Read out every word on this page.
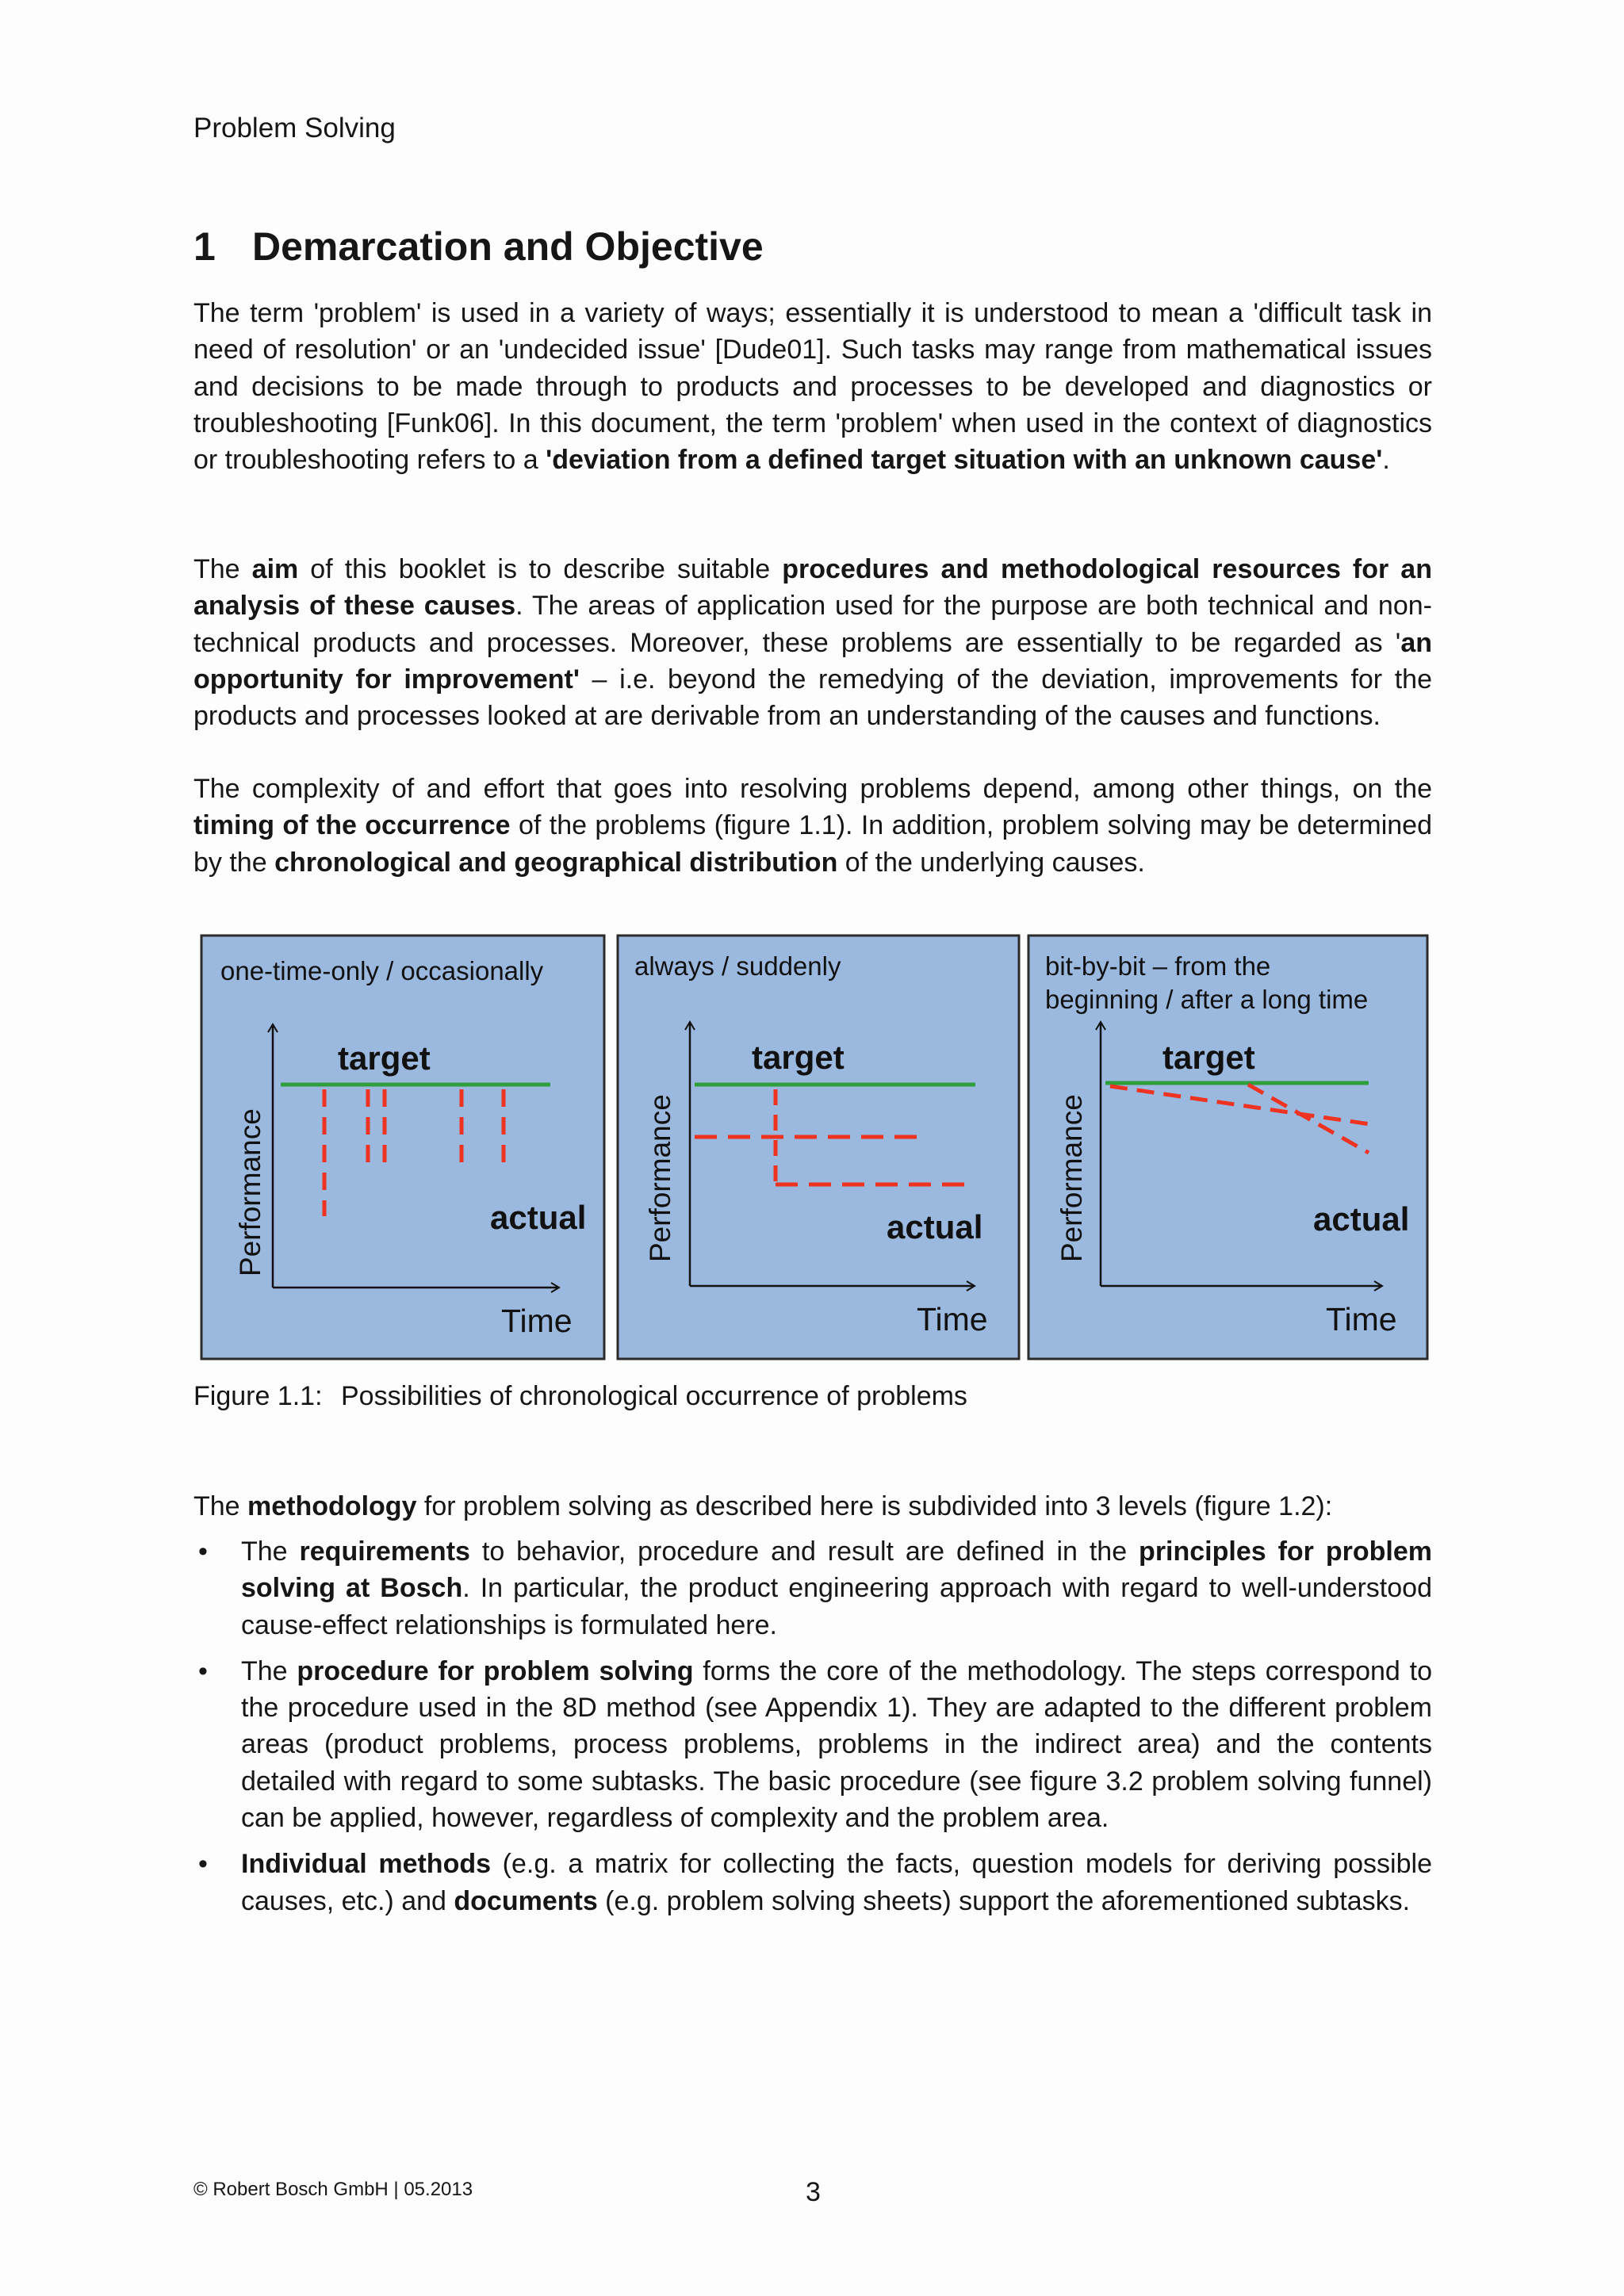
Problem Solving
1 Demarcation and Objective

The term 'problem' is used in a variety of ways; essentially it is understood to mean a 'difficult task in need of resolution' or an 'undecided issue' [Dude01]. Such tasks may range from mathematical issues and decisions to be made through to products and processes to be developed and diagnostics or troubleshooting [Funk06]. In this document, the term 'problem' when used in the context of diagnostics or troubleshooting refers to a 'deviation from a defined target situation with an unknown cause'.

The aim of this booklet is to describe suitable procedures and methodological resources for an analysis of these causes. The areas of application used for the purpose are both technical and non-technical products and processes. Moreover, these problems are essentially to be regarded as 'an opportunity for improvement' – i.e. beyond the remedying of the deviation, improvements for the products and processes looked at are derivable from an understanding of the causes and functions.

The complexity of and effort that goes into resolving problems depend, among other things, on the timing of the occurrence of the problems (figure 1.1). In addition, problem solving may be determined by the chronological and geographical distribution of the underlying causes.

one-time-only / occasionally
target
actual
Performance
Time
always / suddenly
target
actual
Performance
Time
bit-by-bit – from the
beginning / after a long time
target
actual
Performance
Time
Figure 1.1: Possibilities of chronological occurrence of problems

The methodology for problem solving as described here is subdivided into 3 levels (figure 1.2):

• The requirements to behavior, procedure and result are defined in the principles for problem solving at Bosch. In particular, the product engineering approach with regard to well-understood cause-effect relationships is formulated here.
• The procedure for problem solving forms the core of the methodology. The steps correspond to the procedure used in the 8D method (see Appendix 1). They are adapted to the different problem areas (product problems, process problems, problems in the indirect area) and the contents detailed with regard to some subtasks. The basic procedure (see figure 3.2 problem solving funnel) can be applied, however, regardless of complexity and the problem area.
• Individual methods (e.g. a matrix for collecting the facts, question models for deriving possible causes, etc.) and documents (e.g. problem solving sheets) support the aforementioned subtasks.
© Robert Bosch GmbH | 05.2013	3
